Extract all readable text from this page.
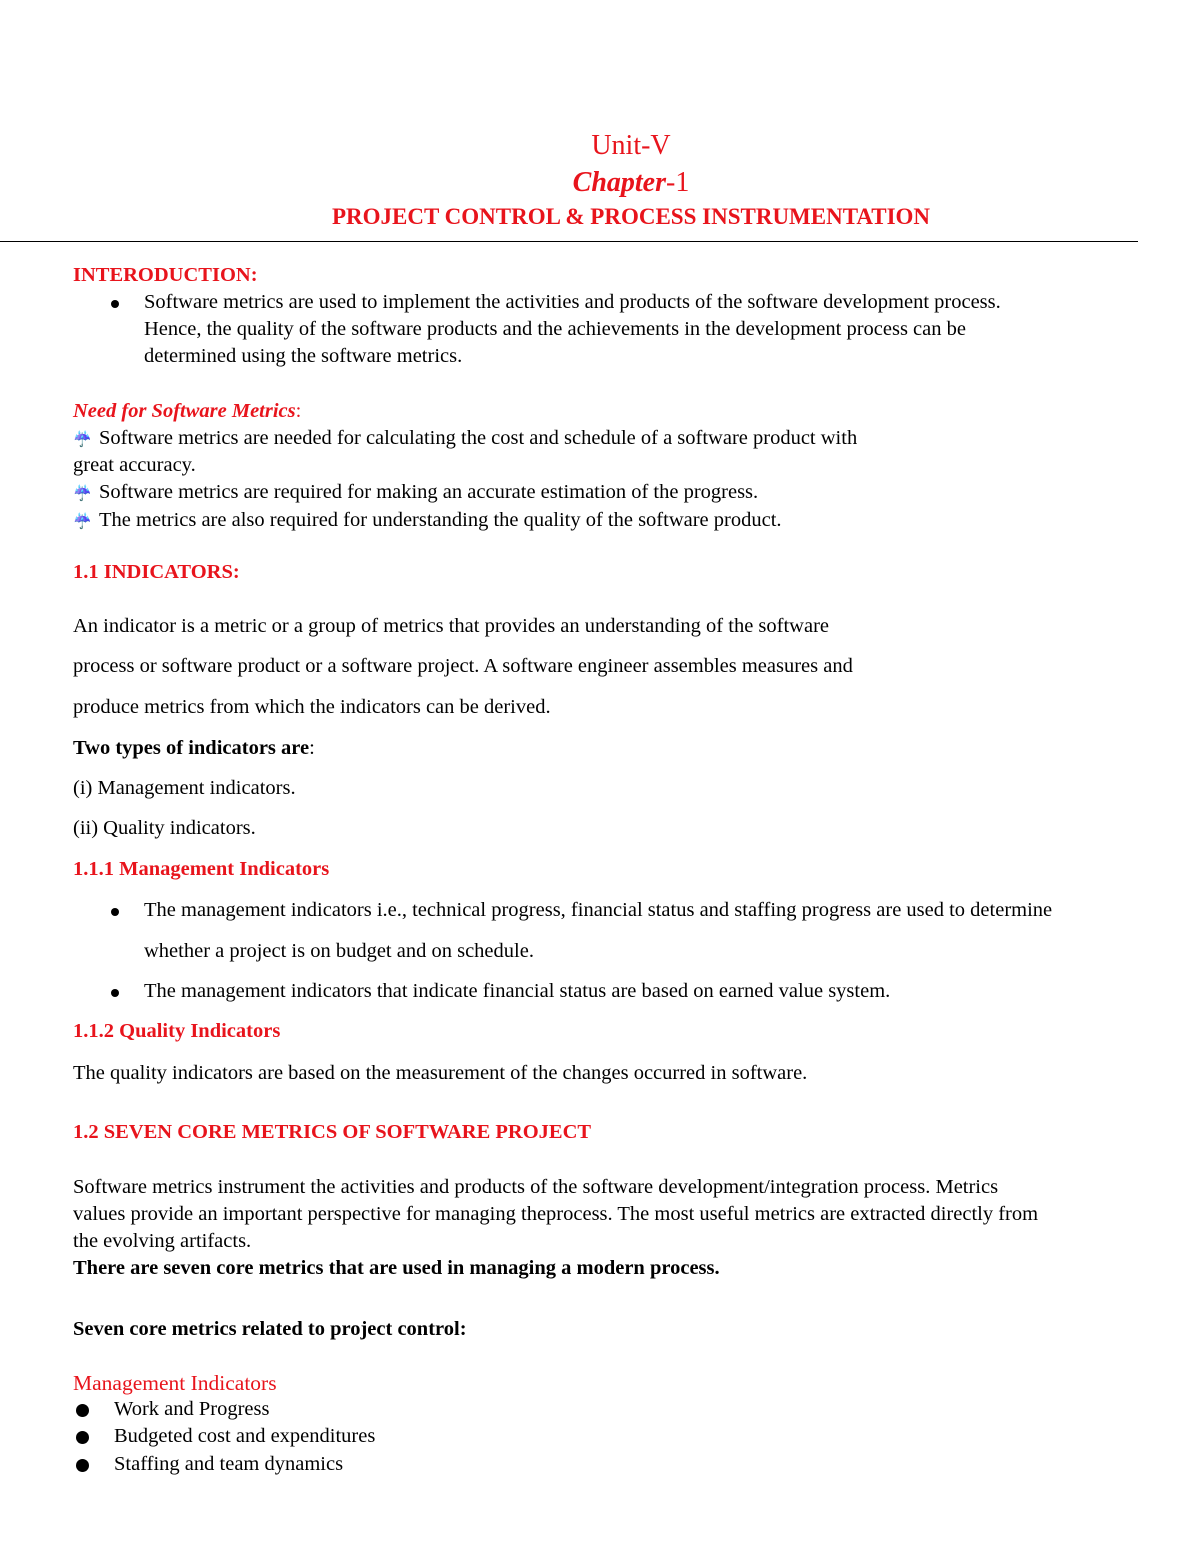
Unit-V
Chapter-1
PROJECT CONTROL & PROCESS INSTRUMENTATION
INTERODUCTION:
Software metrics are used to implement the activities and products of the software development process.
Hence, the quality of the software products and the achievements in the development process can be
determined using the software metrics.
Need for Software Metrics:
☔ Software metrics are needed for calculating the cost and schedule of a software product with
great accuracy.
☔ Software metrics are required for making an accurate estimation of the progress.
☔ The metrics are also required for understanding the quality of the software product.
1.1 INDICATORS:
An indicator is a metric or a group of metrics that provides an understanding of the software
process or software product or a software project. A software engineer assembles measures and
produce metrics from which the indicators can be derived.
Two types of indicators are:
(i) Management indicators.
(ii) Quality indicators.
1.1.1 Management Indicators
The management indicators i.e., technical progress, financial status and staffing progress are used to determine
whether a project is on budget and on schedule.
The management indicators that indicate financial status are based on earned value system.
1.1.2 Quality Indicators
The quality indicators are based on the measurement of the changes occurred in software.
1.2 SEVEN CORE METRICS OF SOFTWARE PROJECT
Software metrics instrument the activities and products of the software development/integration process. Metrics
values provide an important perspective for managing theprocess. The most useful metrics are extracted directly from
the evolving artifacts.
There are seven core metrics that are used in managing a modern process.
Seven core metrics related to project control:
Management Indicators
Work and Progress
Budgeted cost and expenditures
Staffing and team dynamics
